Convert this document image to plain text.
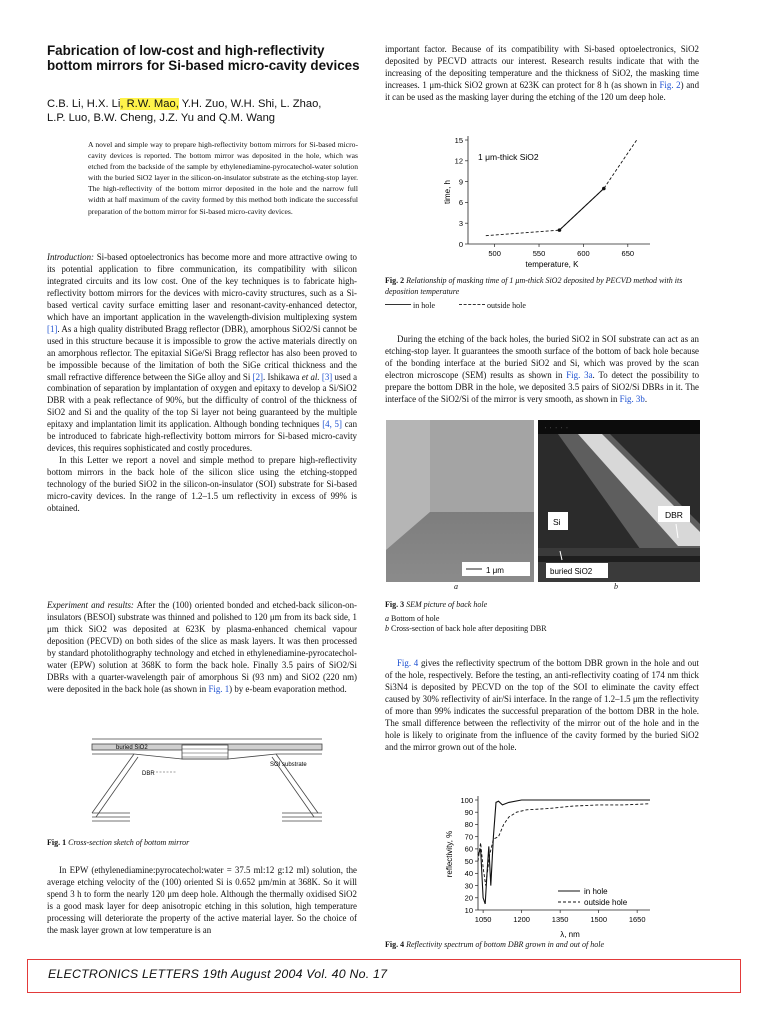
Fabrication of low-cost and high-reflectivity bottom mirrors for Si-based micro-cavity devices
C.B. Li, H.X. Li, R.W. Mao, Y.H. Zuo, W.H. Shi, L. Zhao,
L.P. Luo, B.W. Cheng, J.Z. Yu and Q.M. Wang
A novel and simple way to prepare high-reflectivity bottom mirrors for Si-based micro-cavity devices is reported. The bottom mirror was deposited in the hole, which was etched from the backside of the sample by ethylenediamine-pyrocatechol-water solution with the buried SiO2 layer in the silicon-on-insulator substrate as the etching-stop layer. The high-reflectivity of the bottom mirror deposited in the hole and the narrow full width at half maximum of the cavity formed by this method both indicate the successful preparation of the bottom mirror for Si-based micro-cavity devices.

Introduction: Si-based optoelectronics has become more and more attractive owing to its potential application to fibre communication, its compatibility with silicon integrated circuits and its low cost. One of the key techniques is to fabricate high-reflectivity bottom mirrors for the devices with micro-cavity structures, such as a Si-based vertical cavity surface emitting laser and resonant-cavity-enhanced detector, which have an important application in the wavelength-division multiplexing system [1]. As a high quality distributed Bragg reflector (DBR), amorphous SiO2/Si cannot be used in this structure because it is impossible to grow the active materials directly on an amorphous reflector. The epitaxial SiGe/Si Bragg reflector has also been proved to be impossible because of the limitation of both the SiGe critical thickness and the small refractive difference between the SiGe alloy and Si [2]. Ishikawa et al. [3] used a combination of separation by implantation of oxygen and epitaxy to develop a Si/SiO2 DBR with a peak reflectance of 90%, but the difficulty of control of the thickness of SiO2 and Si and the quality of the top Si layer not being guaranteed by the multiple epitaxy and implantation limit its application. Although bonding techniques [4, 5] can be introduced to fabricate high-reflectivity bottom mirrors for Si-based micro-cavity devices, this requires sophisticated and costly procedures.

In this Letter we report a novel and simple method to prepare high-reflectivity bottom mirrors in the back hole of the silicon slice using the etching-stopped technology of the buried SiO2 in the silicon-on-insulator (SOI) substrate for Si-based micro-cavity devices. In the range of 1.2–1.5 um reflectivity in excess of 99% is obtained.

Experiment and results: After the (100) oriented bonded and etched-back silicon-on-insulators (BESOI) substrate was thinned and polished to 120 μm from its back side, 1 μm thick SiO2 was deposited at 623K by plasma-enhanced chemical vapour deposition (PECVD) on both sides of the slice as mask layers. It was then processed by standard photolithography technology and etched in ethylenediamine-pyrocatechol-water (EPW) solution at 368K to form the back hole. Finally 3.5 pairs of SiO2/Si DBRs with a quarter-wavelength pair of amorphous Si (93 nm) and SiO2 (220 nm) were deposited in the back hole (as shown in Fig. 1) by e-beam evaporation method.

buried SiO2
SOI substrate
DBR
Fig. 1 Cross-section sketch of bottom mirror

In EPW (ethylenediamine:pyrocatechol:water = 37.5 ml:12 g:12 ml) solution, the average etching velocity of the (100) oriented Si is 0.652 μm/min at 368K. So it will spend 3 h to form the nearly 120 μm deep hole. Although the thermally oxidised SiO2 is a good mask layer for deep anisotropic etching in this solution, high temperature processing will deteriorate the property of the active material layer. So the choice of the mask layer grown at low temperature is an

important factor. Because of its compatibility with Si-based optoelectronics, SiO2 deposited by PECVD attracts our interest. Research results indicate that with the increasing of the depositing temperature and the thickness of SiO2, the masking time increases. 1 μm-thick SiO2 grown at 623K can protect for 8 h (as shown in Fig. 2) and it can be used as the masking layer during the etching of the 120 um deep hole.

0
3
6
9
12
15
500	550	600	650
1 μm-thick SiO2
temperature, K
time, h
Fig. 2 Relationship of masking time of 1 μm-thick SiO2 deposited by PECVD method with its deposition temperature
in hole	outside hole

During the etching of the back holes, the buried SiO2 in SOI substrate can act as an etching-stop layer. It guarantees the smooth surface of the bottom of back hole because of the bonding interface at the buried SiO2 and Si, which was proved by the scan electron microscope (SEM) results as shown in Fig. 3a. To detect the possibility to prepare the bottom DBR in the hole, we deposited 3.5 pairs of SiO2/Si DBRs in it. The interface of the SiO2/Si of the mirror is very smooth, as shown in Fig. 3b.

1 μm
· · · · ·
Si
DBR
buried SiO2
a	b
Fig. 3 SEM picture of back hole
a Bottom of hole
b Cross-section of back hole after depositing DBR

Fig. 4 gives the reflectivity spectrum of the bottom DBR grown in the hole and out of the hole, respectively. Before the testing, an anti-reflectivity coating of 174 nm thick Si3N4 is deposited by PECVD on the top of the SOI to eliminate the cavity effect caused by 30% reflectivity of air/Si interface. In the range of 1.2–1.5 μm the reflectivity of more than 99% indicates the successful preparation of the bottom DBR in the hole. The small difference between the reflectivity of the mirror out of the hole and in the hole is likely to originate from the influence of the cavity formed by the buried SiO2 and the mirror grown out of the hole.

10
20
30
40
50
60
70
80
90
100
1050	1200	1350	1500	1650
λ, nm
reflectivity, %
in hole
outside hole
Fig. 4 Reflectivity spectrum of bottom DBR grown in and out of hole
ELECTRONICS LETTERS 19th August 2004 Vol. 40 No. 17
